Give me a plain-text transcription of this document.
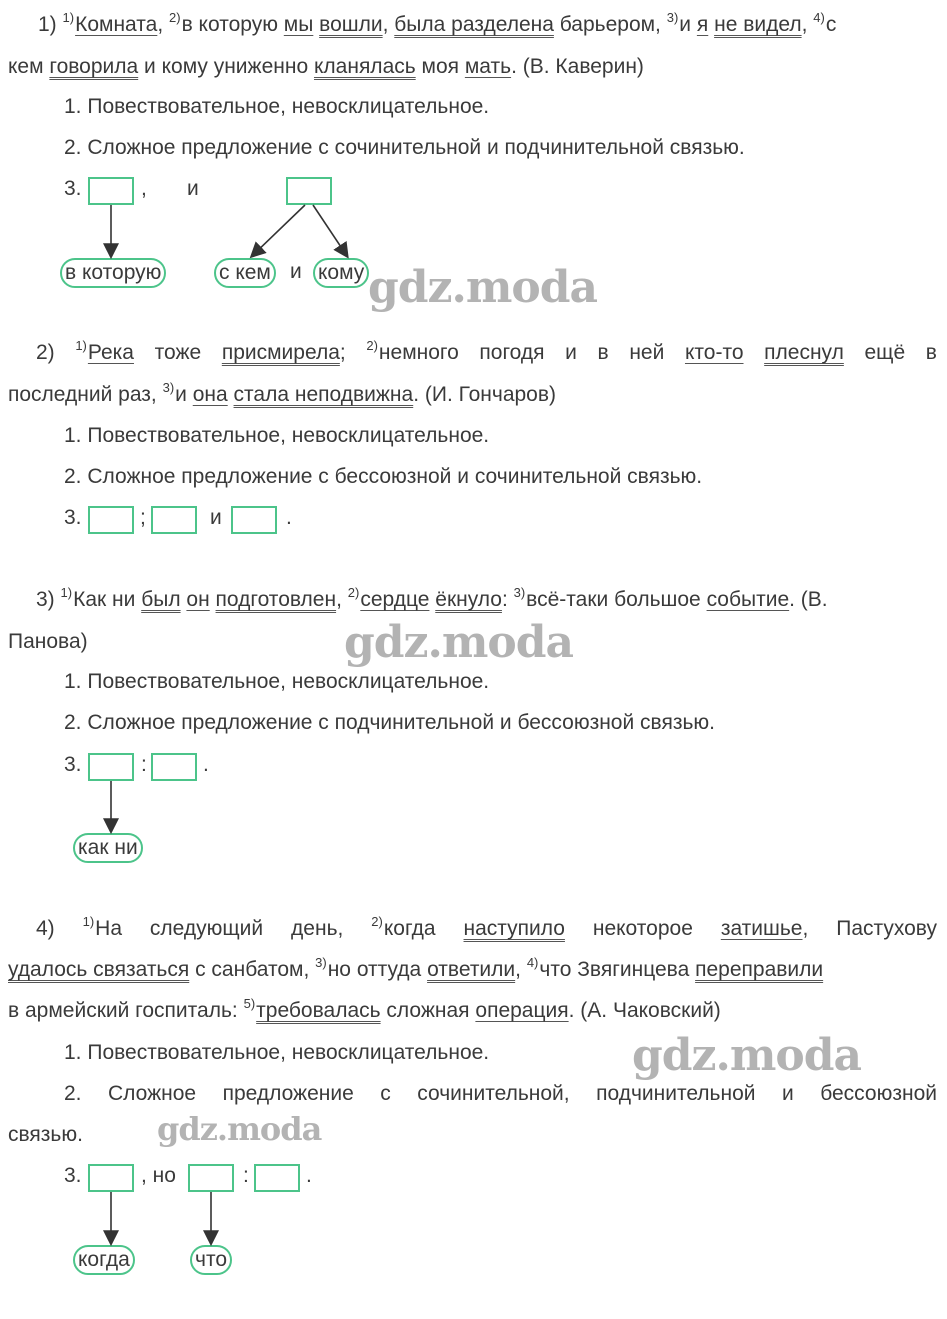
1) $^{1)}$Комната, $^{2)}$в которую мы вошли, была разделена барьером, $^{3)}$и я не видел, $^{4)}$с
кем говорила и кому униженно кланялась моя мать. (В. Каверин)
1. Повествовательное, невосклицательное.
2. Сложное предложение с сочинительной и подчинительной связью.
3.	, и
в которую	с кем и кому
2) $^{1)}$Река тоже присмирела; $^{2)}$немного погодя и в ней кто-то плеснул ещё в
последний раз, $^{3)}$и она стала неподвижна. (И. Гончаров)
1. Повествовательное, невосклицательное.
2. Сложное предложение с бессоюзной и сочинительной связью.
3.	;	и	.
3) $^{1)}$Как ни был он подготовлен, $^{2)}$сердце ёкнуло: $^{3)}$всё-таки большое событие. (В.
Панова)
1. Повествовательное, невосклицательное.
2. Сложное предложение с подчинительной и бессоюзной связью.
3.	:	.
как ни
4) $^{1)}$На следующий день, $^{2)}$когда наступило некоторое затишье, Пастухову
удалось связаться с санбатом, $^{3)}$но оттуда ответили, $^{4)}$что Звягинцева переправили
в армейский госпиталь: $^{5)}$требовалась сложная операция. (А. Чаковский)
1. Повествовательное, невосклицательное.
2. Сложное предложение с сочинительной, подчинительной и бессоюзной
связью.
3.	, но	:	.
когда	что
gdz.moda
gdz.moda
gdz.moda
gdz.moda
